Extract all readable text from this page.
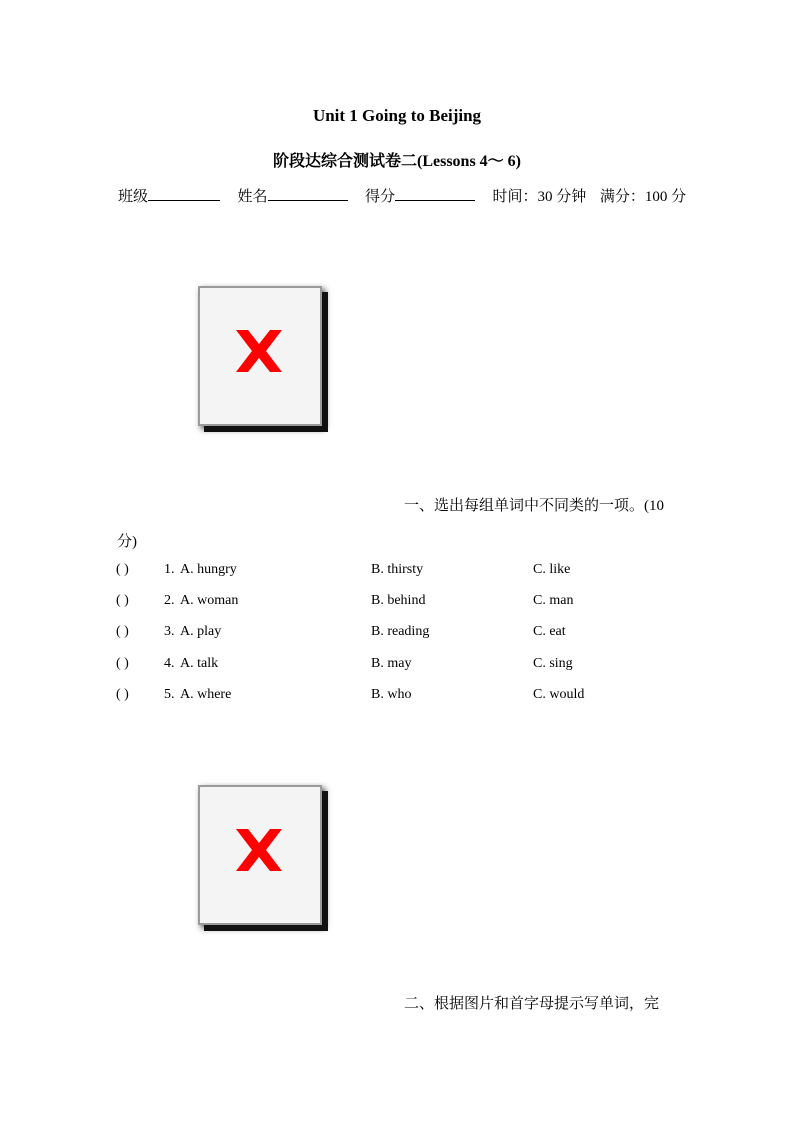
Unit 1 Going to Beijing
阶段达综合测试卷二(Lessons 4～ 6)
班级	姓名	得分	时间：30 分钟 满分：100 分
一、选出每组单词中不同类的一项。(10
分)
( )	1. A. hungry	B. thirsty	C. like
( )	2. A. woman	B. behind	C. man
( )	3. A. play	B. reading	C. eat
( )	4. A. talk	B. may	C. sing
( )	5. A. where	B. who	C. would
二、根据图片和首字母提示写单词，完
